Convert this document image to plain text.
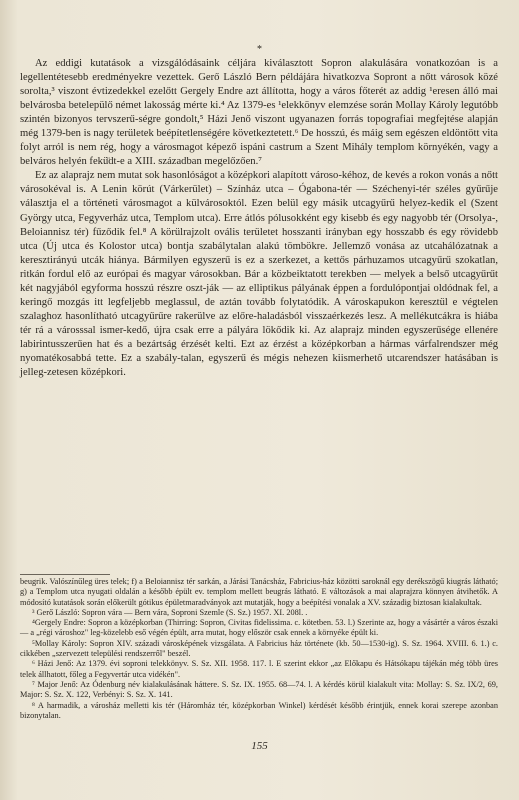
*

Az eddigi kutatások a vizsgálódásaink céljára kiválasztott Sopron alakulására vonatkozóan is a legellentétesebb eredményekre vezettek. Gerő László Bern példájára hivatkozva Sopront a nőtt városok közé sorolta,³ viszont évtizedekkel ezelőtt Gergely Endre azt állította, hogy a város főterét az addig ¹eresen álló mai belvárosba betelepülő német lakosság mérte ki.⁴ Az 1379-es ¹elekkönyv elemzése során Mollay Károly legutóbb szintén bizonyos tervszerű-ségre gondolt,⁵ Házi Jenő viszont ugyanazen forrás topografiai megfejtése alapján még 1379-ben is nagy területek beépítetlenségére következtetett.⁶ De hosszú, és máig sem egészen eldöntött vita folyt arról is nem rég, hogy a városmagot képező ispáni castrum a Szent Mihály templom környékén, vagy a belváros helyén fekü̈dt-e a XIII. században megelőzően.⁷

Ez az alaprajz nem mutat sok hasonlóságot a középkori alapított városo-kéhoz, de kevés a rokon vonás a nőtt városokéval is. A Lenin körút (Várkerület) – Színház utca – Ógabona-tér — Széchenyi-tér széles gyűrűje választja el a történeti városmagot a külvárosoktól. Ezen belül egy másik utcagyűrű helyez-kedik el (Szent György utca, Fegyverház utca, Templom utca). Erre átlós pólusokként egy kisebb és egy nagyobb tér (Orsolya-, Beloiannisz tér) fűződik fel.⁸ A körülrajzolt ovális területet hosszanti irányban egy hosszabb és egy rövidebb utca (Új utca és Kolostor utca) bontja szabálytalan alakú tömbökre. Jellemző vonása az utcahálózatnak a keresztirányú utcák hiánya. Bármilyen egyszerű is ez a szerkezet, a kettős párhuzamos utcagyűrű szokatlan, ritkán fordul elő az európai és magyar városokban. Bár a közbeiktatott terekben — melyek a belső utcagyűrűt két nagyjából egyforma hosszú részre oszt-ják — az elliptikus pályának éppen a fordulópontjai oldódnak fel, a keringő mozgás itt legfeljebb meglassul, de aztán tovább folytatódik. A városkapukon keresztül e végtelen szalaghoz hasonlítható utcagyűrűre rakerülve az előre-haladásból visszaérkezés lesz. A mellékutcákra is hiába tér rá a városssal ismer-kedő, újra csak erre a pályára lökődik ki. Az alaprajz minden egyszerűsége ellenére labirintusszerűen hat és a bezártság érzését kelti. Ezt az érzést a középkorban a hármas várfalrendszer még nyomatékosabbá tette. Ez a szabály-talan, egyszerű és mégis nehezen kiismerhető utcarendszer hatásában is jelleg-zetesen középkori.

beugrik. Valószínűleg üres telek; f) a Beloiannisz tér sarkán, a Járási Tanácsház, Fabricius-ház közötti saroknál egy derékszögű kiugrás látható; g) a Templom utca nyugati oldalán a később épült ev. templom mellett beugrás látható. E változások a mai alaprajzra könnyen átvihetők. A módosító kutatások során előkerült gótikus épületmaradványok azt mutatják, hogy a beépítési vonalak a XV. századig biztosan kialakultak.

³ Gerő László: Sopron vára — Bern vára, Soproni Szemle (S. Sz.) 1957. XI. 208l. .

⁴Gergely Endre: Sopron a középkorban (Thirring: Sopron, Civitas fidelissima. c. kötetben. 53. l.) Szerinte az, hogy a vásártér a város északi — a „régi városhoz" leg-közelebb eső végén épült, arra mutat, hogy először csak ennek a környéke épült ki.

⁵Mollay Károly: Sopron XIV. századi városképének vizsgálata. A Fabricius ház története (kb. 50—1530-ig). S. Sz. 1964. XVIII. 6. 1.) c. cikkében „szervezett települési rendszerről" beszél.

⁶ Házi Jenő: Az 1379. évi soproni telekkönyv. S. Sz. XII. 1958. 117. l. E szerint ekkor „az Előkapu és Hátsókapu tájékán még több üres telek állhatott, főleg a Fegyvertár utca vidékén".

⁷ Major Jenő: Az Ódenburg név kialakulásának háttere. S. Sz. IX. 1955. 68—74. l. A kérdés körül kialakult vita: Mollay: S. Sz. IX/2, 69, Major: S. Sz. X. 122, Verbényi: S. Sz. X. 141.

⁸ A harmadik, a városház melletti kis tér (Háromház tér, középkorban Winkel) kérdését később érintjük, ennek korai szerepe azonban bizonytalan.

155
